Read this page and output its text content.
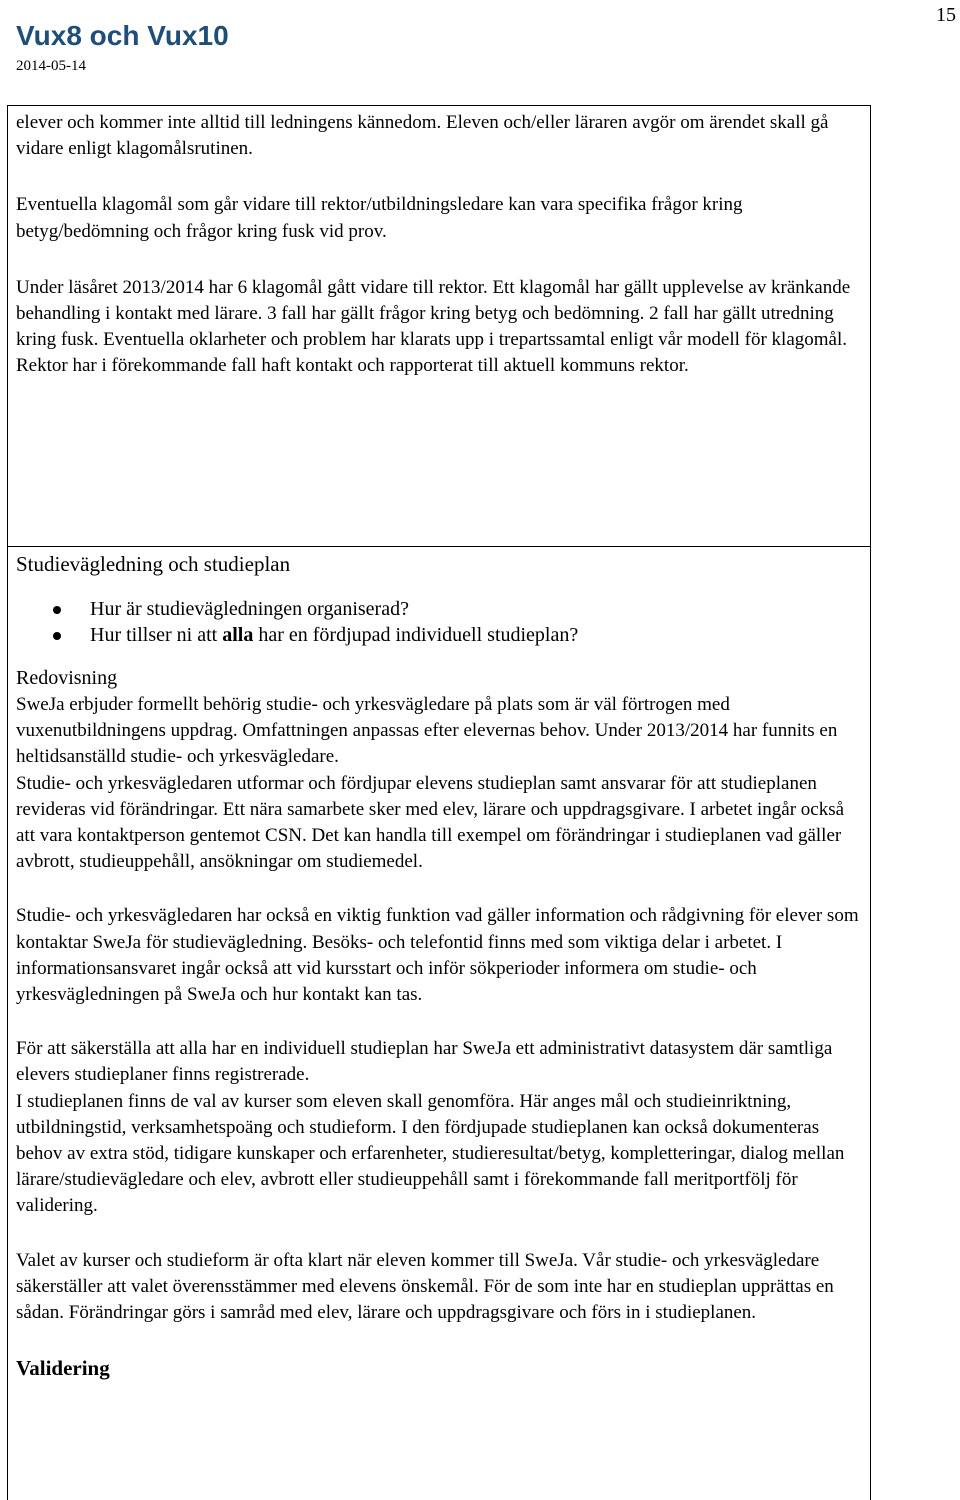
15
Vux8 och Vux10
2014-05-14

elever och kommer inte alltid till ledningens kännedom. Eleven och/eller läraren avgör om ärendet skall gå vidare enligt klagomålsrutinen.

Eventuella klagomål som går vidare till rektor/utbildningsledare kan vara specifika frågor kring betyg/bedömning och frågor kring fusk vid prov.

Under läsåret 2013/2014 har 6 klagomål gått vidare till rektor. Ett klagomål har gällt upplevelse av kränkande behandling i kontakt med lärare. 3 fall har gällt frågor kring betyg och bedömning. 2 fall har gällt utredning kring fusk. Eventuella oklarheter och problem har klarats upp i trepartssamtal enligt vår modell för klagomål. Rektor har i förekommande fall haft kontakt och rapporterat till aktuell kommuns rektor.

Studievägledning och studieplan

Hur är studievägledningen organiserad?
Hur tillser ni att alla har en fördjupad individuell studieplan?

Redovisning

SweJa erbjuder formellt behörig studie- och yrkesvägledare på plats som är väl förtrogen med vuxenutbildningens uppdrag. Omfattningen anpassas efter elevernas behov. Under 2013/2014 har funnits en heltidsanställd studie- och yrkesvägledare.

Studie- och yrkesvägledaren utformar och fördjupar elevens studieplan samt ansvarar för att studieplanen revideras vid förändringar. Ett nära samarbete sker med elev, lärare och uppdragsgivare. I arbetet ingår också att vara kontaktperson gentemot CSN. Det kan handla till exempel om förändringar i studieplanen vad gäller avbrott, studieuppehåll, ansökningar om studiemedel.

Studie- och yrkesvägledaren har också en viktig funktion vad gäller information och rådgivning för elever som kontaktar SweJa för studievägledning. Besöks- och telefontid finns med som viktiga delar i arbetet. I informationsansvaret ingår också att vid kursstart och inför sökperioder informera om studie- och yrkesvägledningen på SweJa och hur kontakt kan tas.

För att säkerställa att alla har en individuell studieplan har SweJa ett administrativt datasystem där samtliga elevers studieplaner finns registrerade.

I studieplanen finns de val av kurser som eleven skall genomföra. Här anges mål och studieinriktning, utbildningstid, verksamhetspoäng och studieform. I den fördjupade studieplanen kan också dokumenteras behov av extra stöd, tidigare kunskaper och erfarenheter, studieresultat/betyg, kompletteringar, dialog mellan lärare/studievägledare och elev, avbrott eller studieuppehåll samt i förekommande fall meritportfölj för validering.

Valet av kurser och studieform är ofta klart när eleven kommer till SweJa. Vår studie- och yrkesvägledare säkerställer att valet överensstämmer med elevens önskemål. För de som inte har en studieplan upprättas en sådan. Förändringar görs i samråd med elev, lärare och uppdragsgivare och förs in i studieplanen.

Validering
